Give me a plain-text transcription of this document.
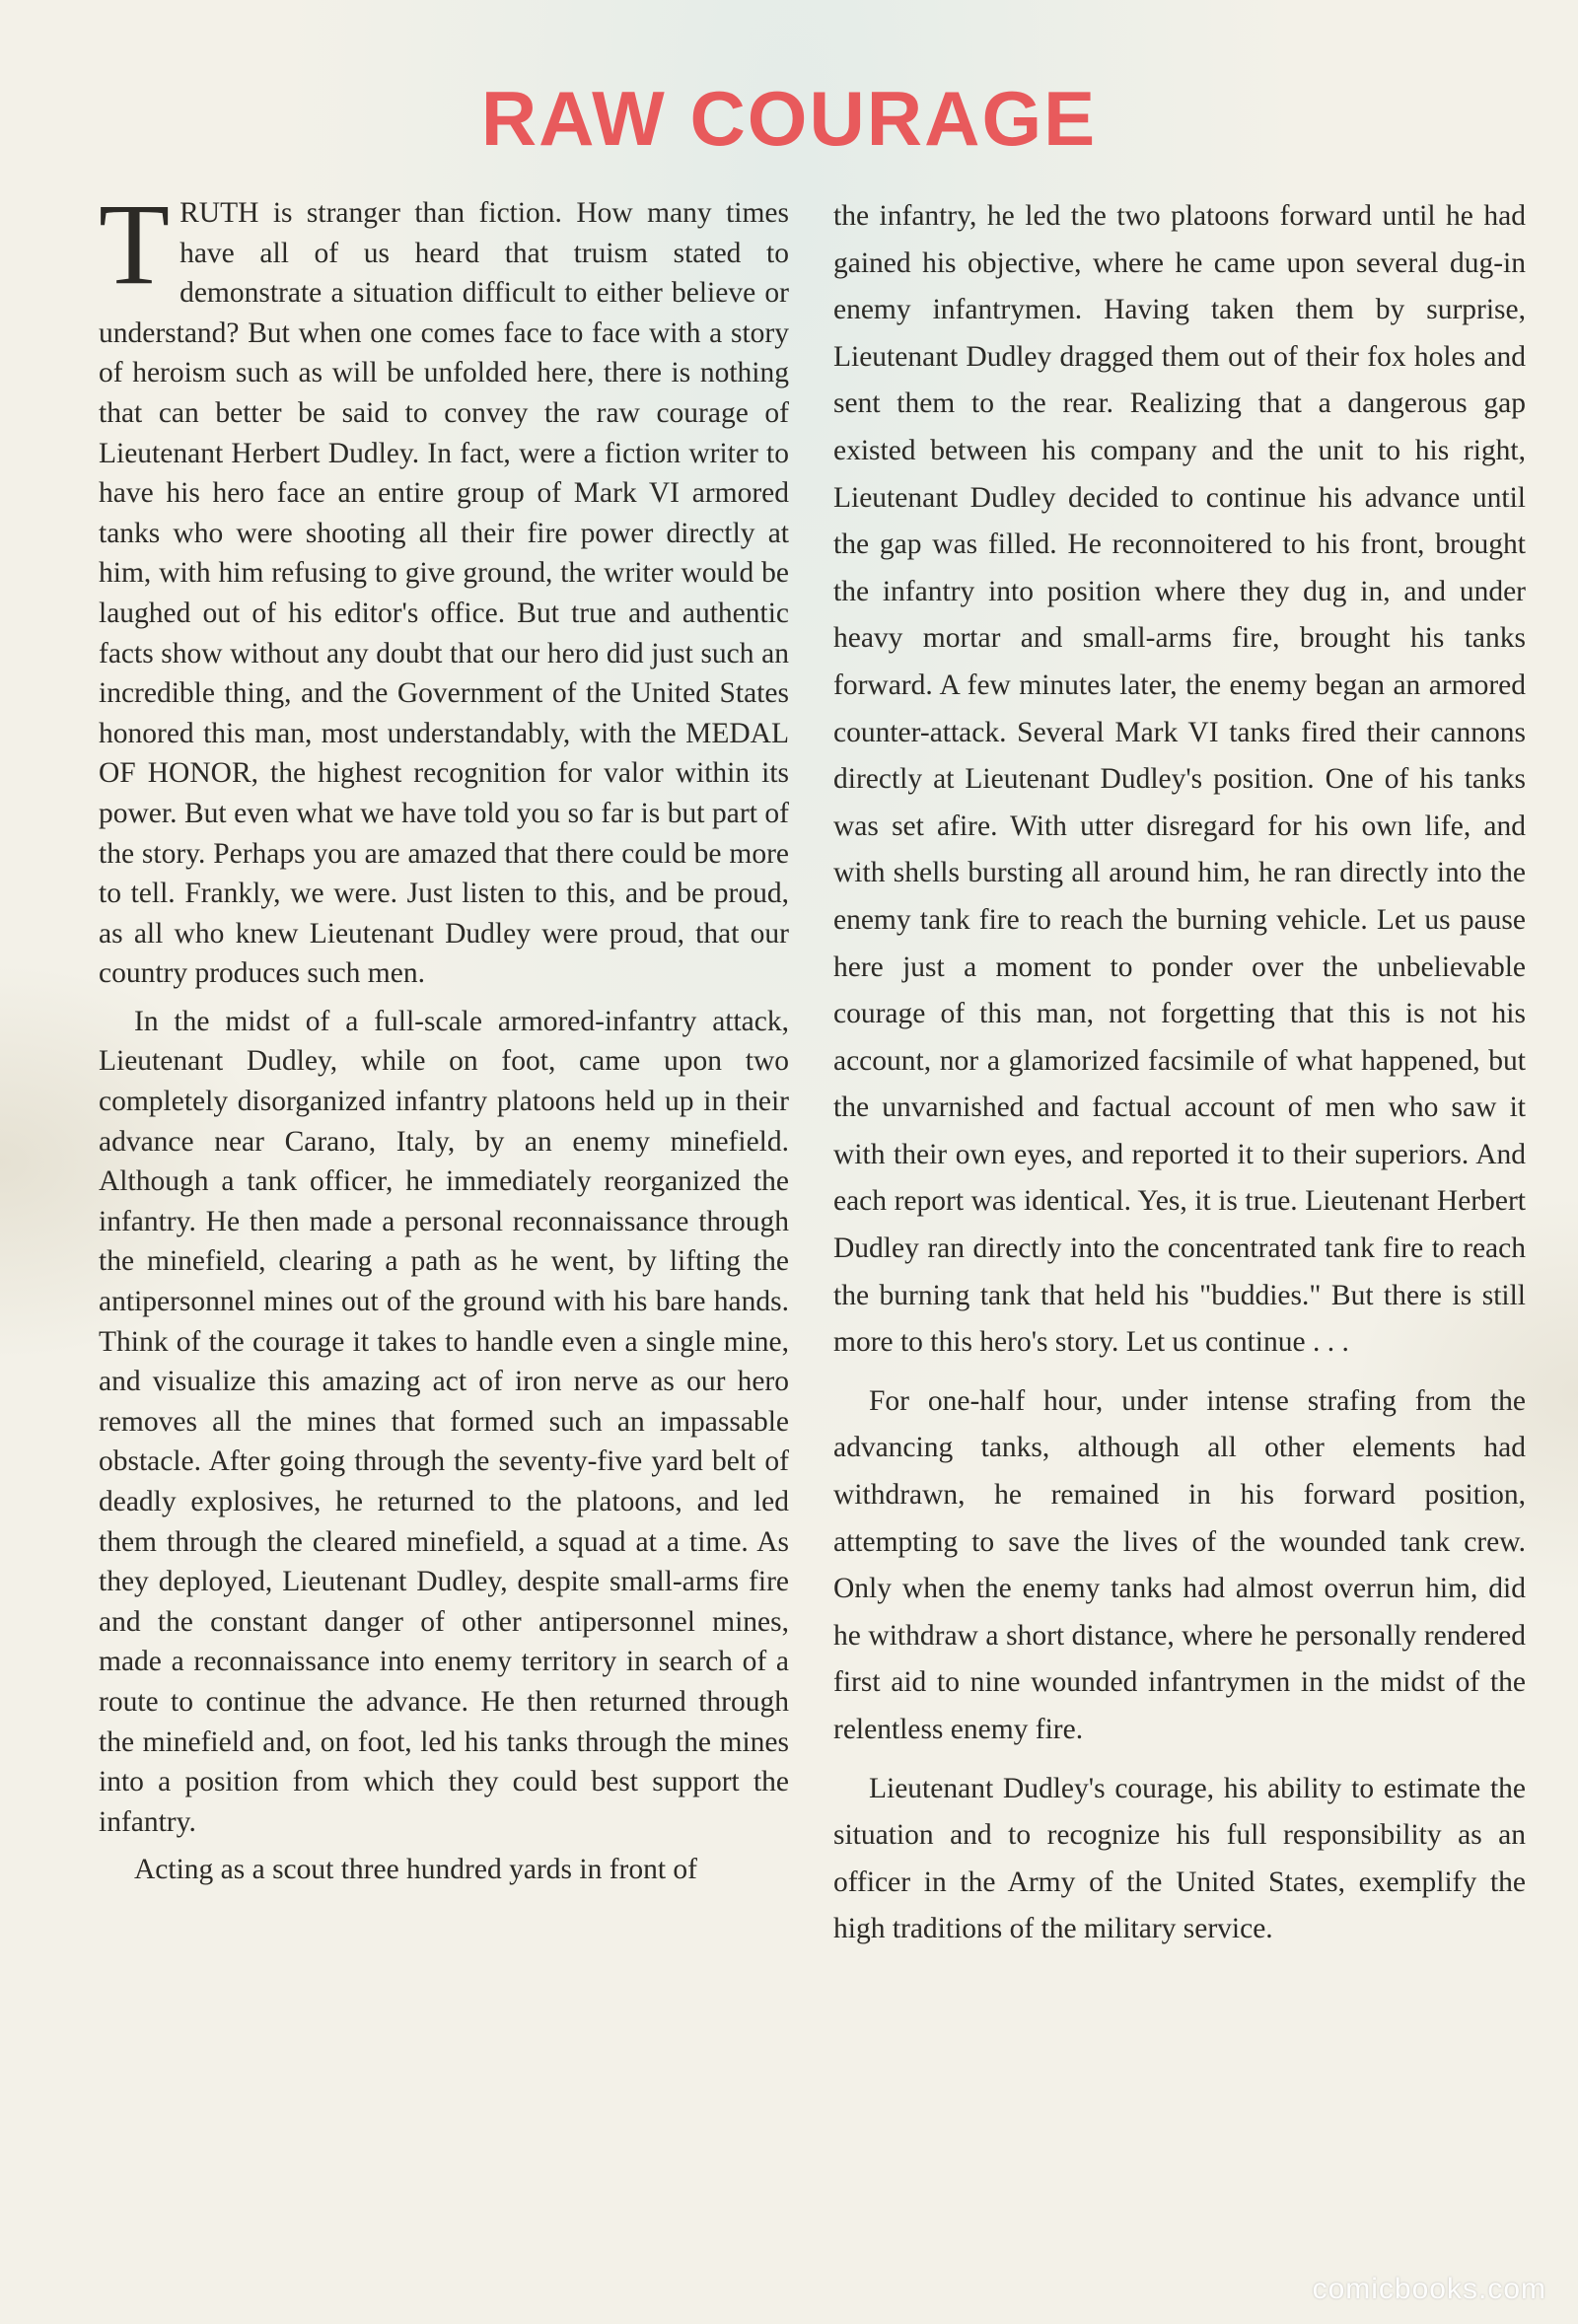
RAW COURAGE

TRUTH is stranger than fiction. How many times have all of us heard that truism stated to demonstrate a situation difficult to either believe or understand? But when one comes face to face with a story of heroism such as will be unfolded here, there is nothing that can better be said to convey the raw courage of Lieutenant Herbert Dudley. In fact, were a fiction writer to have his hero face an entire group of Mark VI armored tanks who were shooting all their fire power directly at him, with him refusing to give ground, the writer would be laughed out of his editor's office. But true and authentic facts show without any doubt that our hero did just such an incredible thing, and the Government of the United States honored this man, most understandably, with the MEDAL OF HONOR, the highest recognition for valor within its power. But even what we have told you so far is but part of the story. Perhaps you are amazed that there could be more to tell. Frankly, we were. Just listen to this, and be proud, as all who knew Lieutenant Dudley were proud, that our country produces such men.

In the midst of a full-scale armored-infantry attack, Lieutenant Dudley, while on foot, came upon two completely disorganized infantry platoons held up in their advance near Carano, Italy, by an enemy minefield. Although a tank officer, he immediately reorganized the infantry. He then made a personal reconnaissance through the minefield, clearing a path as he went, by lifting the antipersonnel mines out of the ground with his bare hands. Think of the courage it takes to handle even a single mine, and visualize this amazing act of iron nerve as our hero removes all the mines that formed such an impassable obstacle. After going through the seventy-five yard belt of deadly explosives, he returned to the platoons, and led them through the cleared minefield, a squad at a time. As they deployed, Lieutenant Dudley, despite small-arms fire and the constant danger of other antipersonnel mines, made a reconnaissance into enemy territory in search of a route to continue the advance. He then returned through the minefield and, on foot, led his tanks through the mines into a position from which they could best support the infantry.

Acting as a scout three hundred yards in front of

the infantry, he led the two platoons forward until he had gained his objective, where he came upon several dug-in enemy infantrymen. Having taken them by surprise, Lieutenant Dudley dragged them out of their fox holes and sent them to the rear. Realizing that a dangerous gap existed between his company and the unit to his right, Lieutenant Dudley decided to continue his advance until the gap was filled. He reconnoitered to his front, brought the infantry into position where they dug in, and under heavy mortar and small-arms fire, brought his tanks forward. A few minutes later, the enemy began an armored counter-attack. Several Mark VI tanks fired their cannons directly at Lieutenant Dudley's position. One of his tanks was set afire. With utter disregard for his own life, and with shells bursting all around him, he ran directly into the enemy tank fire to reach the burning vehicle. Let us pause here just a moment to ponder over the unbelievable courage of this man, not forgetting that this is not his account, nor a glamorized facsimile of what happened, but the unvarnished and factual account of men who saw it with their own eyes, and reported it to their superiors. And each report was identical. Yes, it is true. Lieutenant Herbert Dudley ran directly into the concentrated tank fire to reach the burning tank that held his "buddies." But there is still more to this hero's story. Let us continue . . .

For one-half hour, under intense strafing from the advancing tanks, although all other elements had withdrawn, he remained in his forward position, attempting to save the lives of the wounded tank crew. Only when the enemy tanks had almost overrun him, did he withdraw a short distance, where he personally rendered first aid to nine wounded infantrymen in the midst of the relentless enemy fire.

Lieutenant Dudley's courage, his ability to estimate the situation and to recognize his full responsibility as an officer in the Army of the United States, exemplify the high traditions of the military service.

comicbooks.com
